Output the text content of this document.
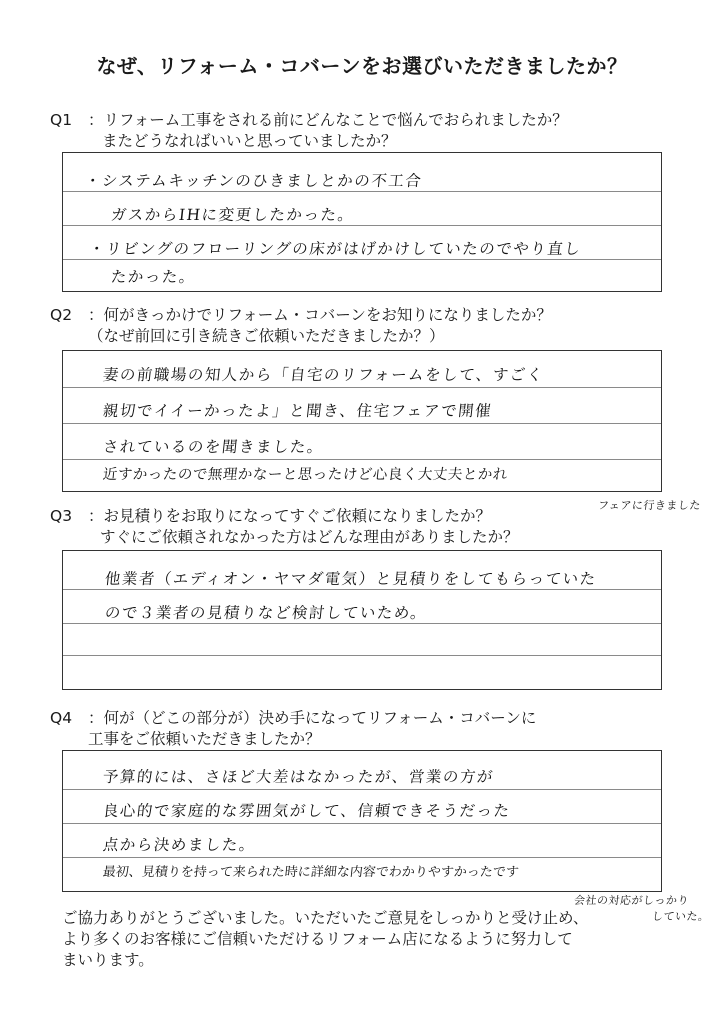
なぜ、リフォーム・コバーンをお選びいただきましたか？
Q1 ：リフォーム工事をされる前にどんなことで悩んでおられましたか？
またどうなればいいと思っていましたか？
・システムキッチンのひきましとかの不工合
ガスからIHに変更したかった。
・リビングのフローリングの床がはげかけしていたのでやり直し
たかった。
Q2 ：何がきっかけでリフォーム・コバーンをお知りになりましたか？
（なぜ前回に引き続きご依頼いただきましたか？）
妻の前職場の知人から「自宅のリフォームをして、すごく
親切でイイーかったよ」と聞き、住宅フェアで開催
されているのを聞きました。
近すかったので無理かなーと思ったけど心良く大丈夫とかれ
フェアに行きました
Q3 ：お見積りをお取りになってすぐご依頼になりましたか？
すぐにご依頼されなかった方はどんな理由がありましたか？
他業者（エディオン・ヤマダ電気）と見積りをしてもらっていた
ので３業者の見積りなど検討していため。
Q4 ：何が（どこの部分が）決め手になってリフォーム・コバーンに
工事をご依頼いただきましたか？
予算的には、さほど大差はなかったが、営業の方が
良心的で家庭的な雰囲気がして、信頼できそうだった
点から決めました。
最初、見積りを持って来られた時に詳細な内容でわかりやすかったです
会社の対応がしっかり
していた。
ご協力ありがとうございました。いただいたご意見をしっかりと受け止め、
より多くのお客様にご信頼いただけるリフォーム店になるように努力して
まいります。
